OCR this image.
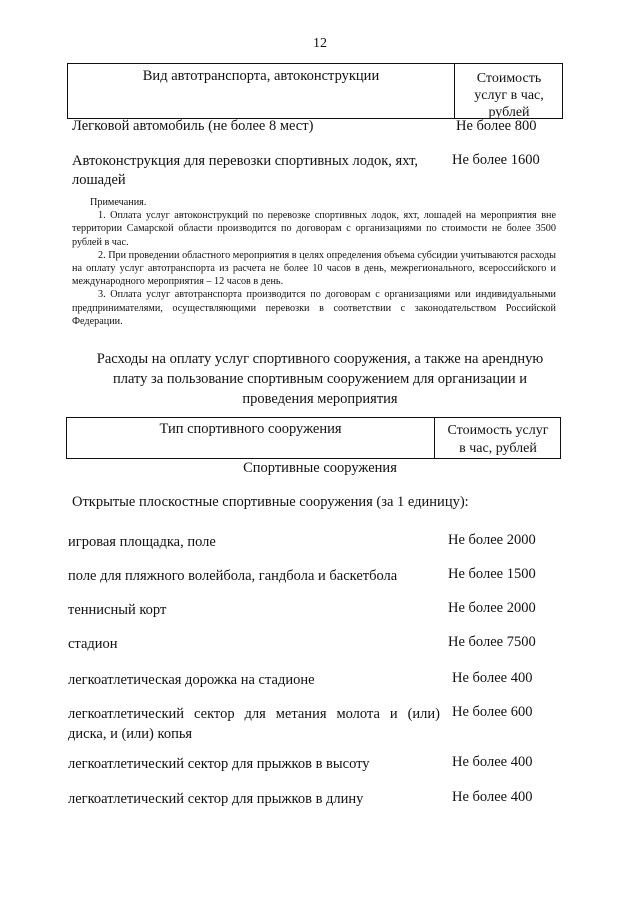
12
Вид автотранспорта, автоконструкции	Стоимость
услуг в час,
рублей
Легковой автомобиль (не более 8 мест)	Не более 800
Автоконструкция для перевозки спортивных лодок, яхт, лошадей
Не более 1600

Примечания.

1. Оплата услуг автоконструкций по перевозке спортивных лодок, яхт, лошадей на мероприятия вне территории Самарской области производится по договорам с организациями по стоимости не более 3500 рублей в час.

2. При проведении областного мероприятия в целях определения объема субсидии учитываются расходы на оплату услуг автотранспорта из расчета не более 10 часов в день, межрегионального, всероссийского и международного мероприятия – 12 часов в день.

3. Оплата услуг автотранспорта производится по договорам с организациями или индивидуальными предпринимателями, осуществляющими перевозки в соответствии с законодательством Российской Федерации.

Расходы на оплату услуг спортивного сооружения, а также на арендную плату за пользование спортивным сооружением для организации и проведения мероприятия
Тип спортивного сооружения	Стоимость услуг
в час, рублей
Спортивные сооружения
Открытые плоскостные спортивные сооружения (за 1 единицу):
игровая площадка, поле	Не более 2000
поле для пляжного волейбола, гандбола и баскетбола	Не более 1500
теннисный корт	Не более 2000
стадион	Не более 7500
легкоатлетическая дорожка на стадионе	Не более 400
легкоатлетический сектор для метания молота и (или) диска, и (или) копья
Не более 600
легкоатлетический сектор для прыжков в высоту	Не более 400
легкоатлетический сектор для прыжков в длину	Не более 400
